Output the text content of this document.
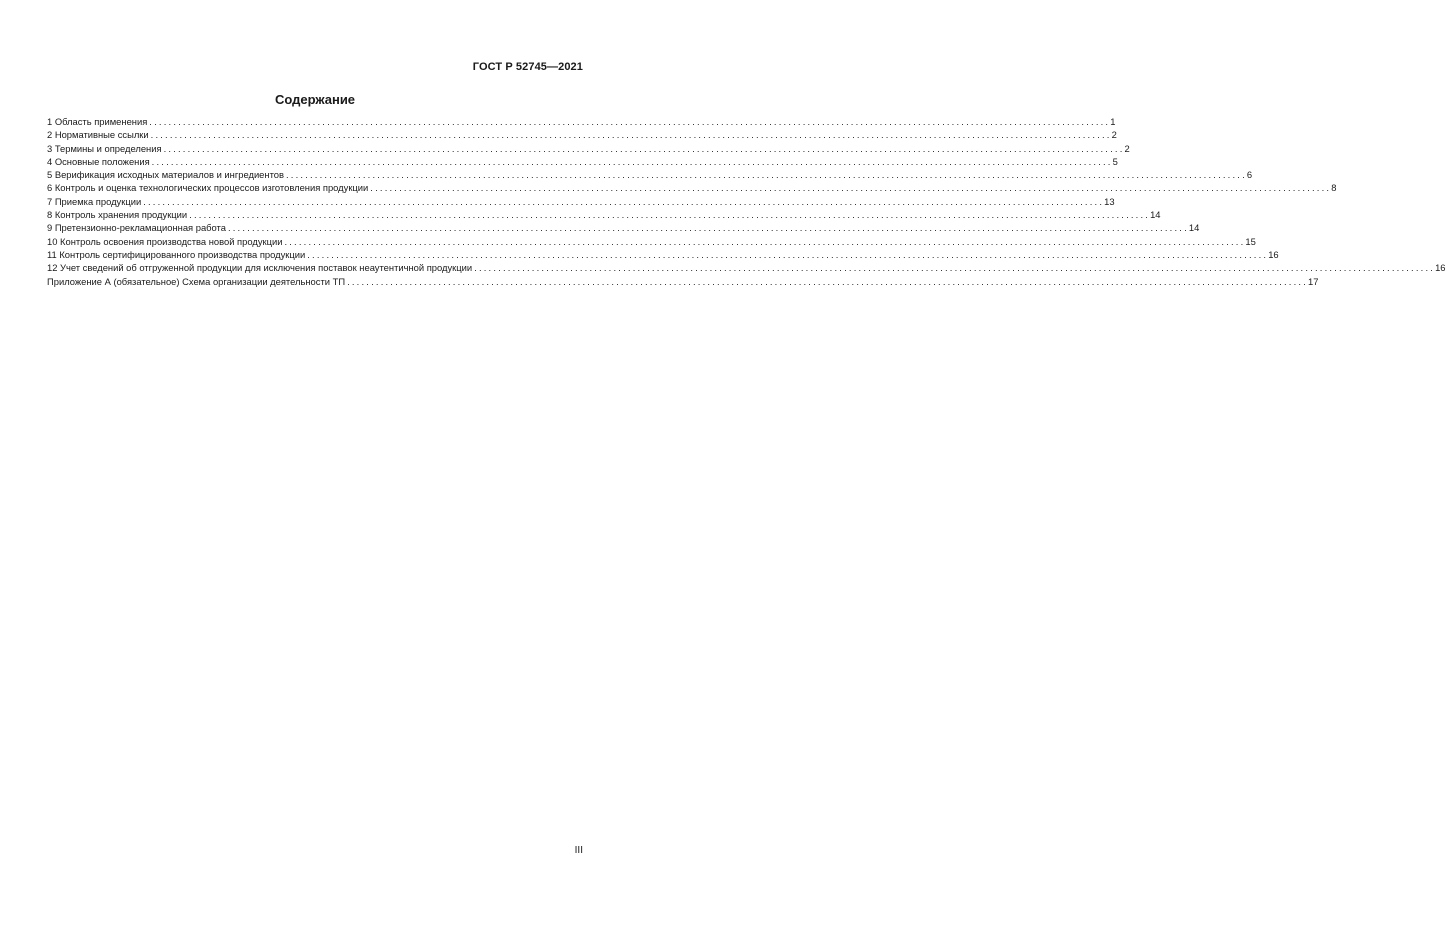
ГОСТ Р 52745—2021
Содержание
1 Область применения ........................................................................................................................................................................................................ 1
2 Нормативные ссылки ........................................................................................................................................................................................................ 2
3 Термины и определения ........................................................................................................................................................................................................ 2
4 Основные положения ........................................................................................................................................................................................................ 5
5 Верификация исходных материалов и ингредиентов ........................................................................................................................................................................................................ 6
6 Контроль и оценка технологических процессов изготовления продукции ........................................................................................................................................................................................................ 8
7 Приемка продукции ........................................................................................................................................................................................................ 13
8 Контроль хранения продукции ........................................................................................................................................................................................................ 14
9 Претензионно-рекламационная работа ........................................................................................................................................................................................................ 14
10 Контроль освоения производства новой продукции ........................................................................................................................................................................................................ 15
11 Контроль сертифицированного производства продукции ........................................................................................................................................................................................................ 16
12 Учет сведений об отгруженной продукции для исключения поставок неаутентичной продукции ........................................................................................................................................................................................................ 16
Приложение А (обязательное) Схема организации деятельности ТП ........................................................................................................................................................................................................ 17
III
